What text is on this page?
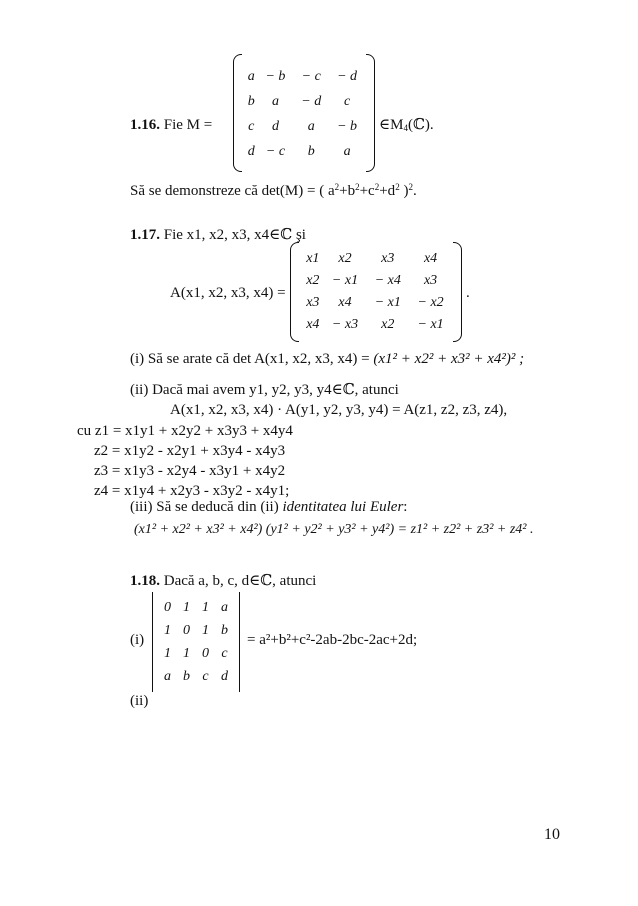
1.16. Fie M =
a	− b	− c	− d
b	a	− d	c
c	d	a	− b
d	− c	b	a
$\in M_4(ℂ)$.
Să se demonstreze că det(M) = ( $a^2+b^2+c^2+d^2$ )$^2$.
1.17. Fie x1, x2, x3, x4∈ℂ şi
A(x1, x2, x3, x4) =
x1	x2	x3	x4
x2	− x1	− x4	x3
x3	x4	− x1	− x2
x4	− x3	x2	− x1
.
(i) Să se arate că det A(x1, x2, x3, x4) = (x1² + x2² + x3² + x4²)² ;
(ii) Dacă mai avem y1, y2, y3, y4∈ℂ, atunci
A(x1, x2, x3, x4) · A(y1, y2, y3, y4) = A(z1, z2, z3, z4),
cu z1 = x1y1 + x2y2 + x3y3 + x4y4
z2 = x1y2 - x2y1 + x3y4 - x4y3
z3 = x1y3 - x2y4 - x3y1 + x4y2
z4 = x1y4 + x2y3 - x3y2 - x4y1;
(iii) Să se deducă din (ii) identitatea lui Euler:
(x1² + x2² + x3² + x4²) (y1² + y2² + y3² + y4²) = z1² + z2² + z3² + z4² .
1.18. Dacă a, b, c, d∈ℂ, atunci
(i)
0	1	1	a
1	0	1	b
1	1	0	c
a	b	c	d
= a²+b²+c²-2ab-2bc-2ac+2d;
(ii)
10
